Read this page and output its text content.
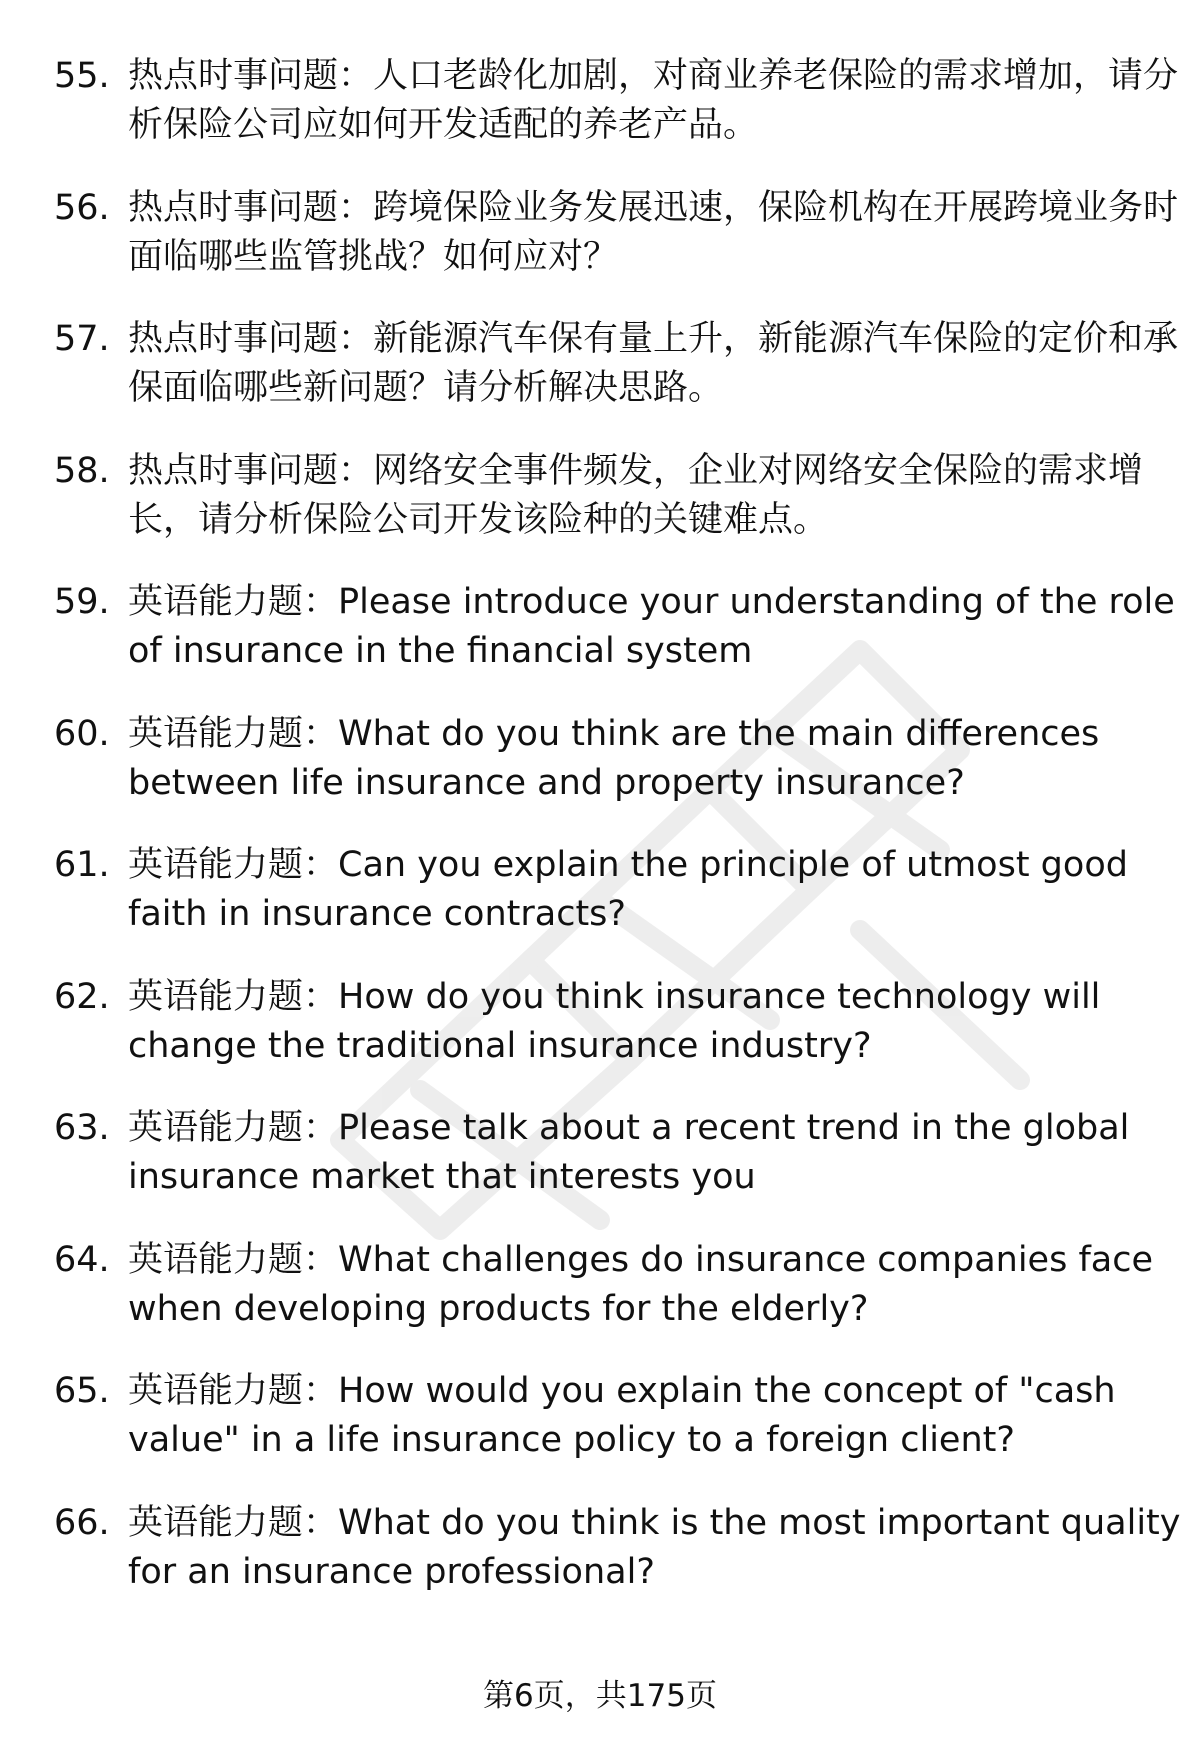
55. 热点时事问题：人口老龄化加剧，对商业养老保险的需求增加，请分析保险公司应如何开发适配的养老产品。
56. 热点时事问题：跨境保险业务发展迅速，保险机构在开展跨境业务时面临哪些监管挑战？如何应对？
57. 热点时事问题：新能源汽车保有量上升，新能源汽车保险的定价和承保面临哪些新问题？请分析解决思路。
58. 热点时事问题：网络安全事件频发，企业对网络安全保险的需求增长，请分析保险公司开发该险种的关键难点。
59. 英语能力题：Please introduce your understanding of the role of insurance in the financial system
60. 英语能力题：What do you think are the main differences between life insurance and property insurance?
61. 英语能力题：Can you explain the principle of utmost good faith in insurance contracts?
62. 英语能力题：How do you think insurance technology will change the traditional insurance industry?
63. 英语能力题：Please talk about a recent trend in the global insurance market that interests you
64. 英语能力题：What challenges do insurance companies face when developing products for the elderly?
65. 英语能力题：How would you explain the concept of "cash value" in a life insurance policy to a foreign client?
66. 英语能力题：What do you think is the most important quality for an insurance professional?
第6页，共175页
